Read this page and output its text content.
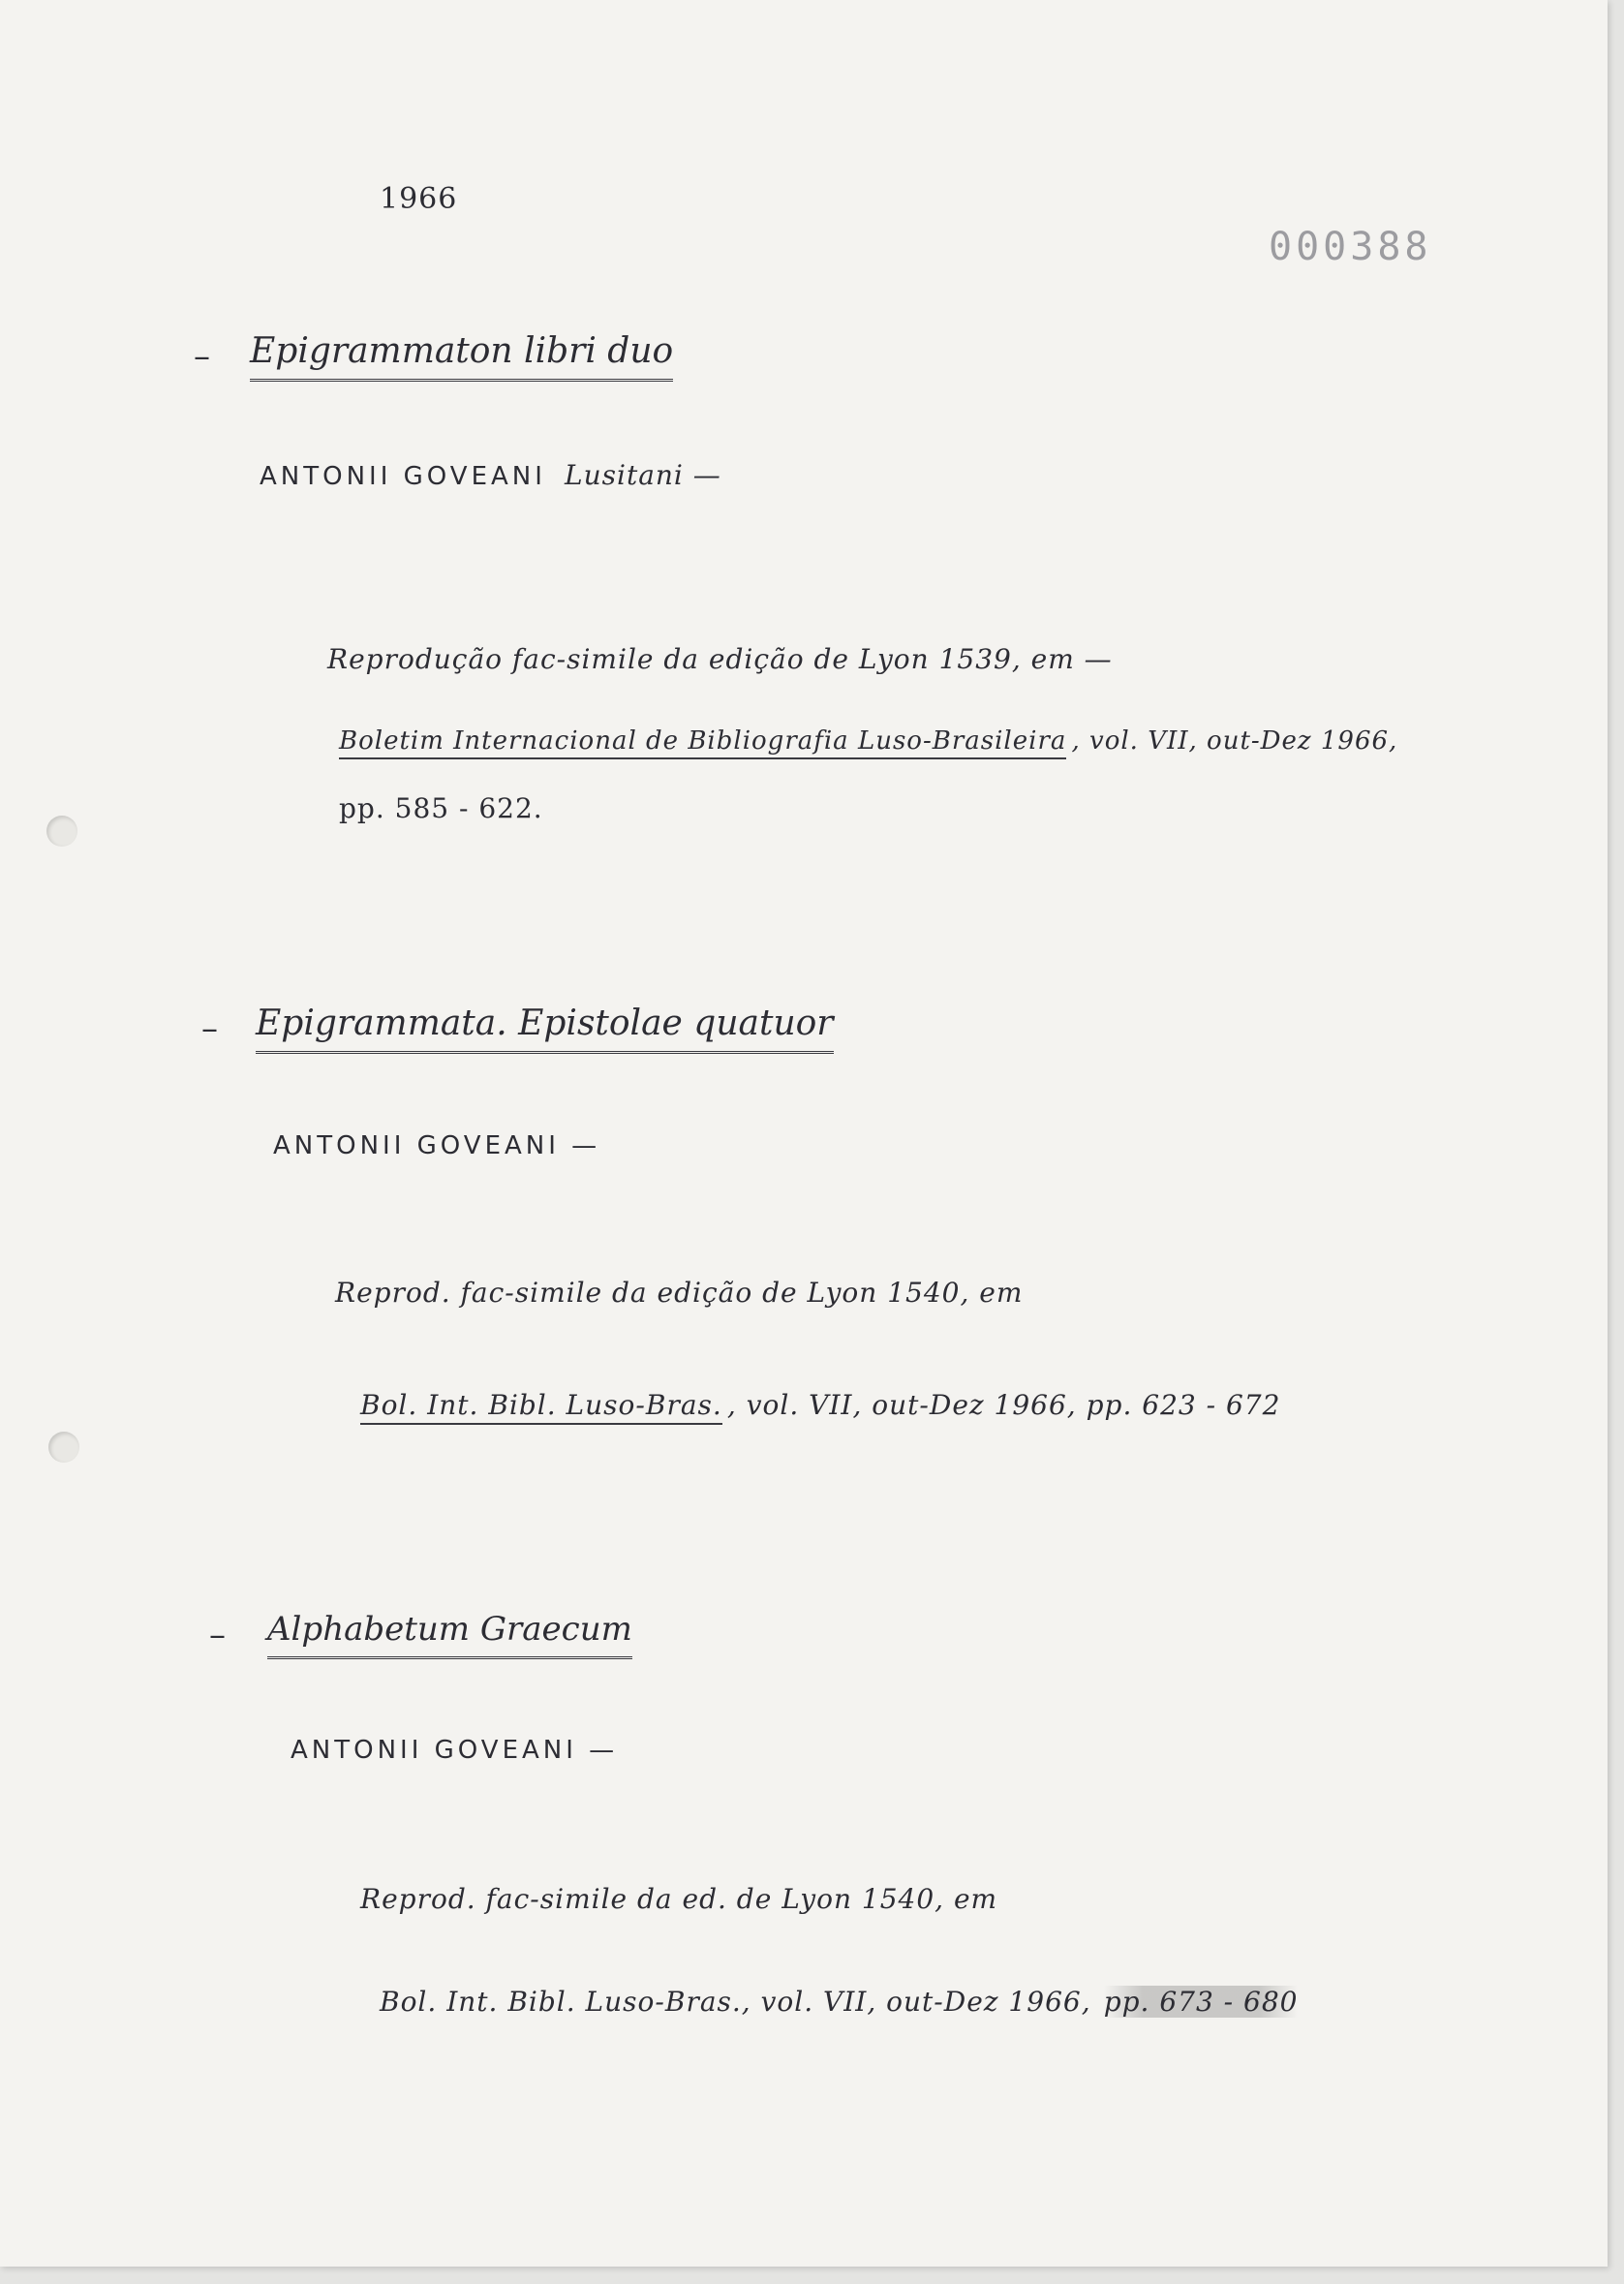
1966
000388
– Epigrammaton libri duo
ANTONII GOVEANI Lusitani —
Reprodução fac-simile da edição de Lyon 1539, em —
Boletim Internacional de Bibliografia Luso-Brasileira , vol. VII, out-Dez 1966,
pp. 585 - 622.
– Epigrammata. Epistolae quatuor
ANTONII GOVEANI —
Reprod. fac-simile da edição de Lyon 1540, em
Bol. Int. Bibl. Luso-Bras. , vol. VII, out-Dez 1966, pp. 623 - 672
– Alphabetum Graecum
ANTONII GOVEANI —
Reprod. fac-simile da ed. de Lyon 1540, em
Bol. Int. Bibl. Luso-Bras., vol. VII, out-Dez 1966, pp. 673 - 680
